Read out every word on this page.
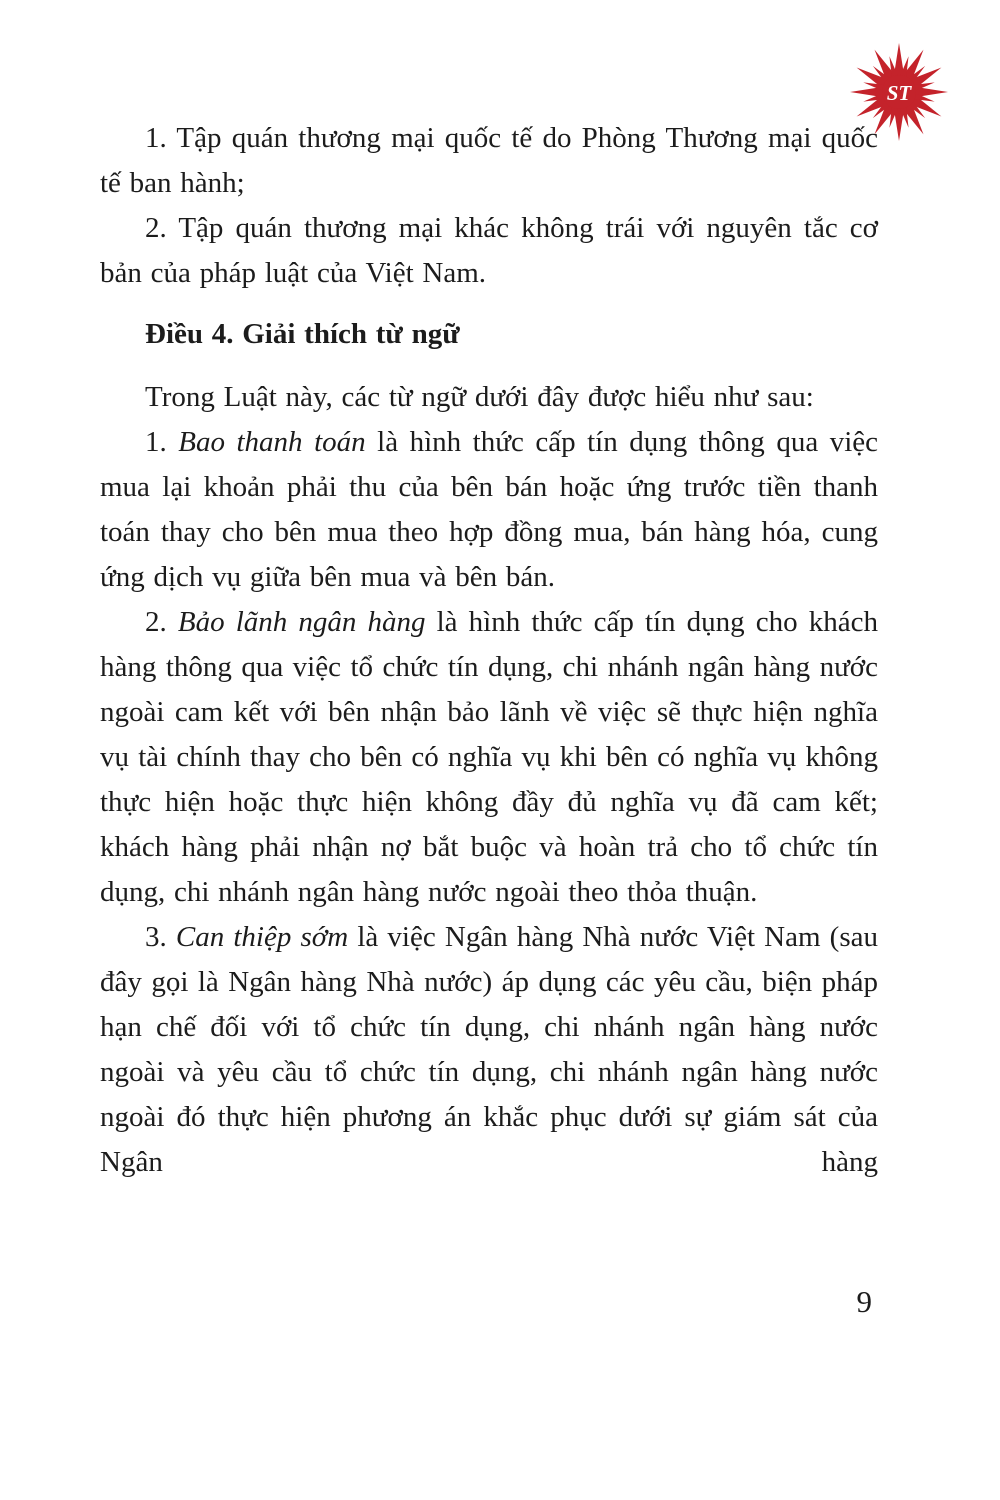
ST

1. Tập quán thương mại quốc tế do Phòng Thương mại quốc tế ban hành;

2. Tập quán thương mại khác không trái với nguyên tắc cơ bản của pháp luật của Việt Nam.

Điều 4. Giải thích từ ngữ

Trong Luật này, các từ ngữ dưới đây được hiểu như sau:

1. Bao thanh toán là hình thức cấp tín dụng thông qua việc mua lại khoản phải thu của bên bán hoặc ứng trước tiền thanh toán thay cho bên mua theo hợp đồng mua, bán hàng hóa, cung ứng dịch vụ giữa bên mua và bên bán.

2. Bảo lãnh ngân hàng là hình thức cấp tín dụng cho khách hàng thông qua việc tổ chức tín dụng, chi nhánh ngân hàng nước ngoài cam kết với bên nhận bảo lãnh về việc sẽ thực hiện nghĩa vụ tài chính thay cho bên có nghĩa vụ khi bên có nghĩa vụ không thực hiện hoặc thực hiện không đầy đủ nghĩa vụ đã cam kết; khách hàng phải nhận nợ bắt buộc và hoàn trả cho tổ chức tín dụng, chi nhánh ngân hàng nước ngoài theo thỏa thuận.

3. Can thiệp sớm là việc Ngân hàng Nhà nước Việt Nam (sau đây gọi là Ngân hàng Nhà nước) áp dụng các yêu cầu, biện pháp hạn chế đối với tổ chức tín dụng, chi nhánh ngân hàng nước ngoài và yêu cầu tổ chức tín dụng, chi nhánh ngân hàng nước ngoài đó thực hiện phương án khắc phục dưới sự giám sát của Ngân hàng

9
